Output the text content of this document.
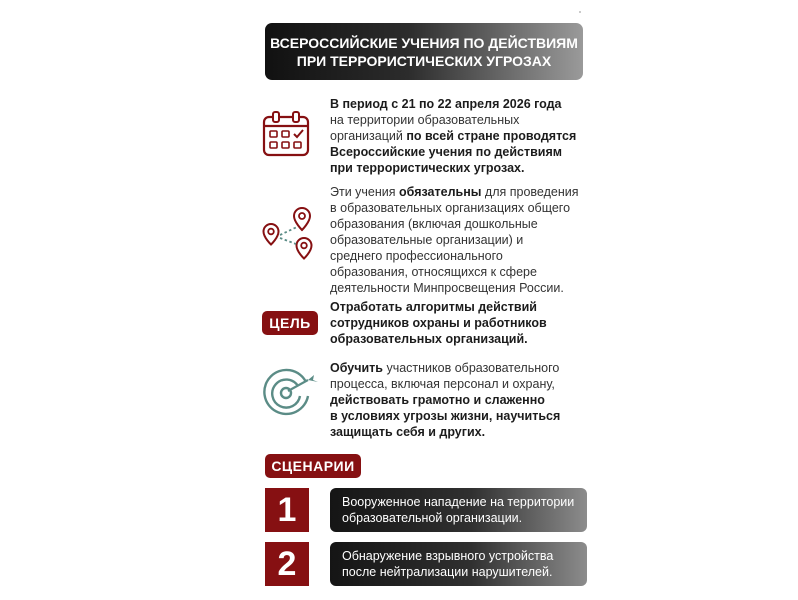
ВСЕРОССИЙСКИЕ УЧЕНИЯ ПО ДЕЙСТВИЯМ
ПРИ ТЕРРОРИСТИЧЕСКИХ УГРОЗАХ
В период с 21 по 22 апреля 2026 года
на территории образовательных
организаций по всей стране проводятся
Всероссийские учения по действиям
при террористических угрозах.
Эти учения обязательны для проведения
в образовательных организациях общего
образования (включая дошкольные
образовательные организации) и
среднего профессионального
образования, относящихся к сфере
деятельности Минпросвещения России.
ЦЕЛЬ
Отработать алгоритмы действий
сотрудников охраны и работников
образовательных организаций.
Обучить участников образовательного
процесса, включая персонал и охрану,
действовать грамотно и слаженно
в условиях угрозы жизни, научиться
защищать себя и других.
СЦЕНАРИИ
1	Вооруженное нападение на территории
образовательной организации.
2	Обнаружение взрывного устройства
после нейтрализации нарушителей.
